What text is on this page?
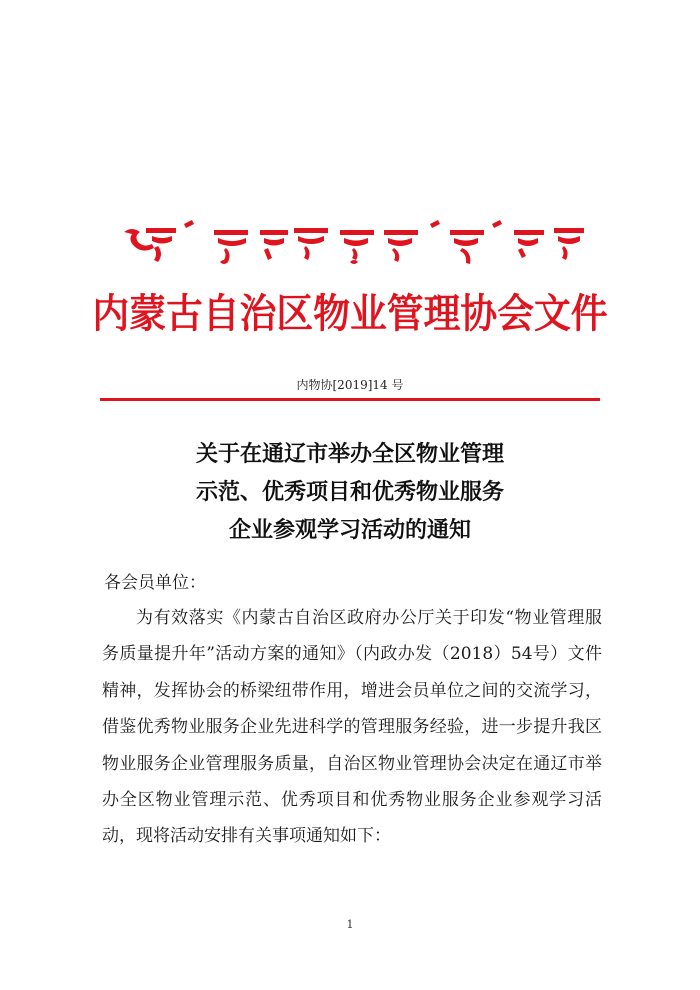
内蒙古自治区物业管理协会文件
内物协[2019]14 号
关于在通辽市举办全区物业管理
示范、优秀项目和优秀物业服务
企业参观学习活动的通知
各会员单位：
为有效落实《内蒙古自治区政府办公厅关于印发“物业管理服务质量提升年”活动方案的通知》（内政办发（2018）54号）文件精神，发挥协会的桥梁纽带作用，增进会员单位之间的交流学习，借鉴优秀物业服务企业先进科学的管理服务经验，进一步提升我区物业服务企业管理服务质量，自治区物业管理协会决定在通辽市举办全区物业管理示范、优秀项目和优秀物业服务企业参观学习活动，现将活动安排有关事项通知如下：
1
